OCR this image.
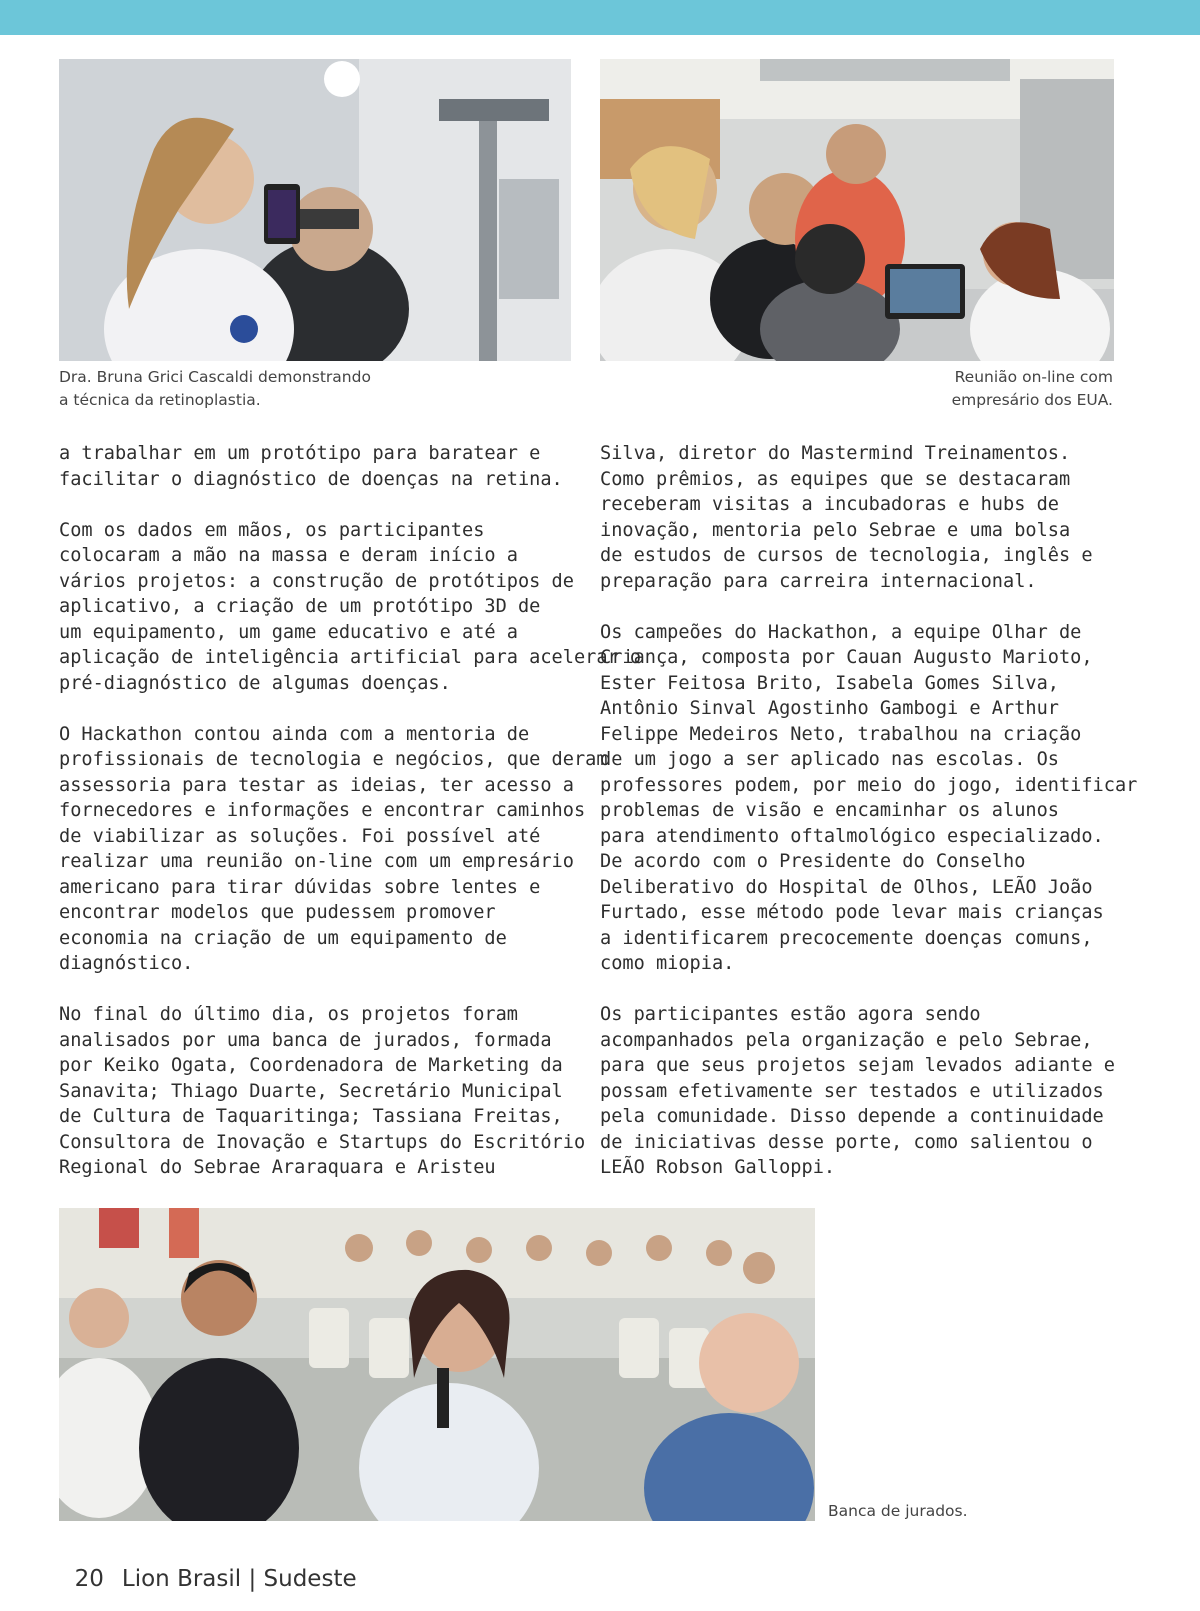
Dra. Bruna Grici Cascaldi demonstrando
a técnica da retinoplastia.
Reunião on-line com
empresário dos EUA.
a trabalhar em um protótipo para baratear e
facilitar o diagnóstico de doenças na retina.
Com os dados em mãos, os participantes
colocaram a mão na massa e deram início a
vários projetos: a construção de protótipos de
aplicativo, a criação de um protótipo 3D de
um equipamento, um game educativo e até a
aplicação de inteligência artificial para acelerar o
pré-diagnóstico de algumas doenças.
O Hackathon contou ainda com a mentoria de
profissionais de tecnologia e negócios, que deram
assessoria para testar as ideias, ter acesso a
fornecedores e informações e encontrar caminhos
de viabilizar as soluções. Foi possível até
realizar uma reunião on-line com um empresário
americano para tirar dúvidas sobre lentes e
encontrar modelos que pudessem promover
economia na criação de um equipamento de
diagnóstico.
No final do último dia, os projetos foram
analisados por uma banca de jurados, formada
por Keiko Ogata, Coordenadora de Marketing da
Sanavita; Thiago Duarte, Secretário Municipal
de Cultura de Taquaritinga; Tassiana Freitas,
Consultora de Inovação e Startups do Escritório
Regional do Sebrae Araraquara e Aristeu
Silva, diretor do Mastermind Treinamentos.
Como prêmios, as equipes que se destacaram
receberam visitas a incubadoras e hubs de
inovação, mentoria pelo Sebrae e uma bolsa
de estudos de cursos de tecnologia, inglês e
preparação para carreira internacional.
Os campeões do Hackathon, a equipe Olhar de
Criança, composta por Cauan Augusto Marioto,
Ester Feitosa Brito, Isabela Gomes Silva,
Antônio Sinval Agostinho Gambogi e Arthur
Felippe Medeiros Neto, trabalhou na criação
de um jogo a ser aplicado nas escolas. Os
professores podem, por meio do jogo, identificar
problemas de visão e encaminhar os alunos
para atendimento oftalmológico especializado.
De acordo com o Presidente do Conselho
Deliberativo do Hospital de Olhos, LEÃO João
Furtado, esse método pode levar mais crianças
a identificarem precocemente doenças comuns,
como miopia.
Os participantes estão agora sendo
acompanhados pela organização e pelo Sebrae,
para que seus projetos sejam levados adiante e
possam efetivamente ser testados e utilizados
pela comunidade. Disso depende a continuidade
de iniciativas desse porte, como salientou o
LEÃO Robson Galloppi.
Banca de jurados.

20 Lion Brasil | Sudeste
